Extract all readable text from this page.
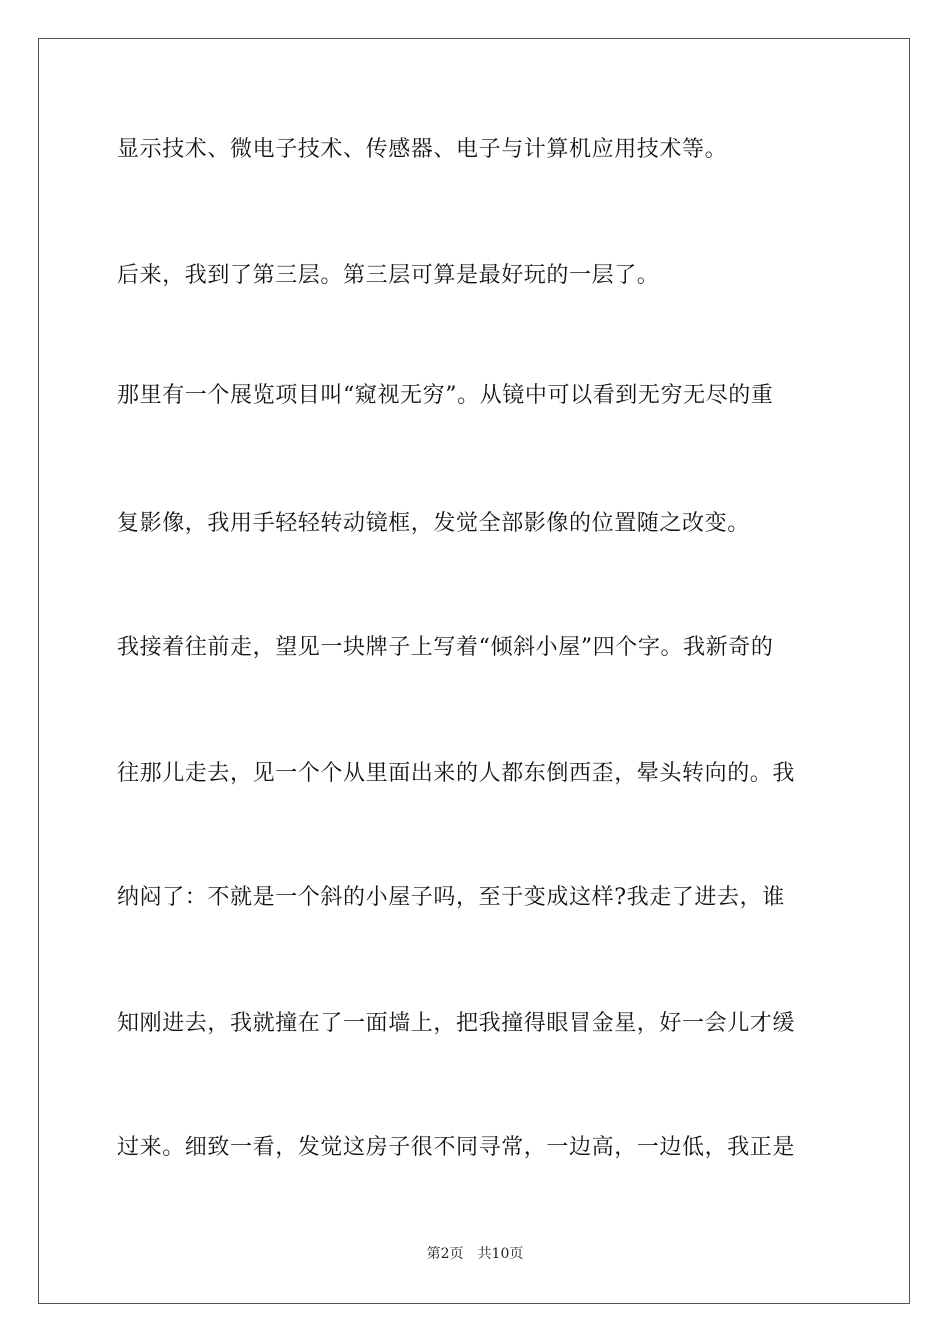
显示技术、微电子技术、传感器、电子与计算机应用技术等。
后来，我到了第三层。第三层可算是最好玩的一层了。
那里有一个展览项目叫“窥视无穷”。从镜中可以看到无穷无尽的重
复影像，我用手轻轻转动镜框，发觉全部影像的位置随之改变。
我接着往前走，望见一块牌子上写着“倾斜小屋”四个字。我新奇的
往那儿走去，见一个个从里面出来的人都东倒西歪，晕头转向的。我
纳闷了：不就是一个斜的小屋子吗，至于变成这样?我走了进去，谁
知刚进去，我就撞在了一面墙上，把我撞得眼冒金星，好一会儿才缓
过来。细致一看，发觉这房子很不同寻常，一边高，一边低，我正是
第2页　共10页
